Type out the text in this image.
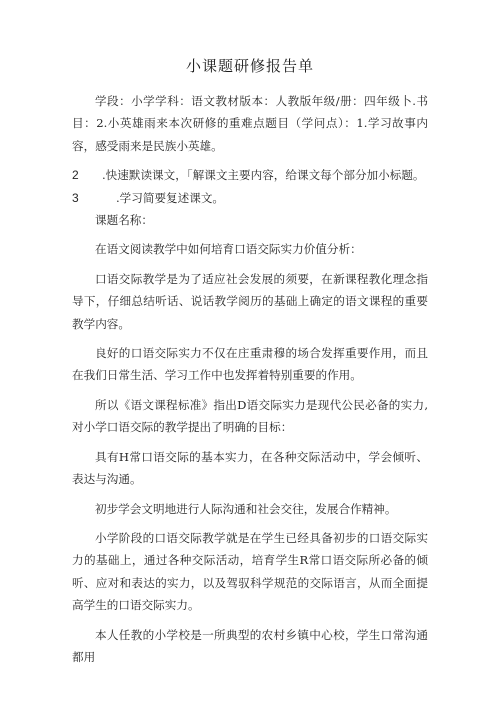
小课题研修报告单

学段：小学学科：语文教材版本：人教版年级/册：四年级卜.书目：2.小英雄雨来本次研修的重难点题目（学问点）：1.学习故事内容，感受雨来是民族小英雄。

2	.快速默读课文，「解课文主要内容，给课文每个部分加小标题。

3	.学习简要复述课文。

课题名称：

在语文阅读教学中如何培育口语交际实力价值分析：

口语交际教学是为了适应社会发展的须要，在新课程教化理念指导下，仔细总结听话、说话教学阅历的基础上确定的语文课程的重要教学内容。

良好的口语交际实力不仅在庄重肃穆的场合发挥重要作用，而且在我们日常生活、学习工作中也发挥着特别重要的作用。

所以《语文课程标准》指出D语交际实力是现代公民必备的实力,对小学口语交际的教学提出了明确的目标：

具有H常口语交际的基本实力，在各种交际活动中，学会倾听、表达与沟通。

初步学会文明地进行人际沟通和社会交往，发展合作精神。

小学阶段的口语交际教学就是在学生已经具备初步的口语交际实力的基础上，通过各种交际活动，培育学生R常口语交际所必备的倾听、应对和表达的实力，以及驾驭科学规范的交际语言，从而全面提高学生的口语交际实力。

本人任教的小学校是一所典型的农村乡镇中心校，学生口常沟通都用
